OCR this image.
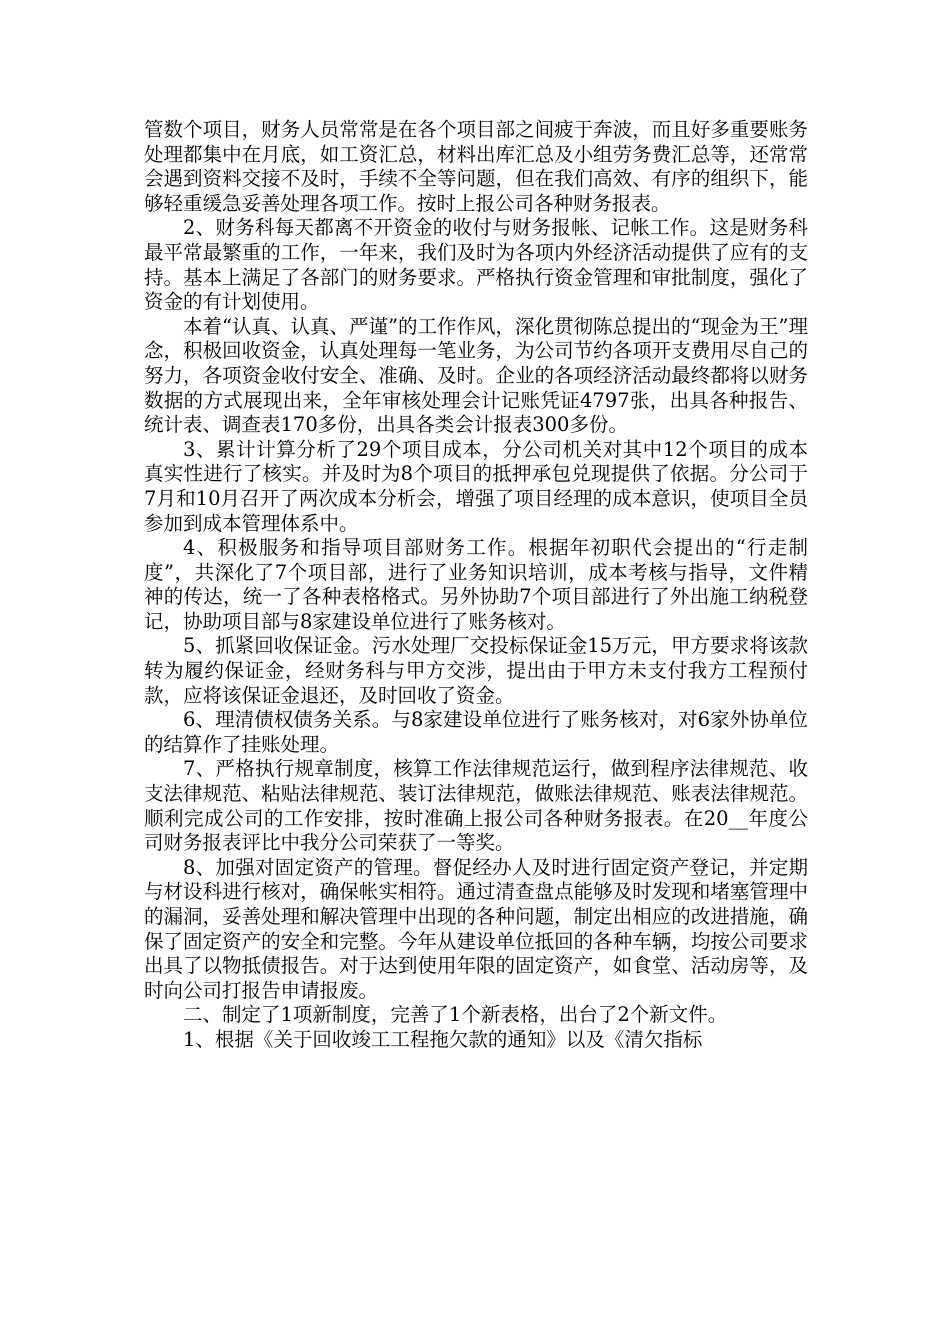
管数个项目，财务人员常常是在各个项目部之间疲于奔波，而且好多重要账务处理都集中在月底，如工资汇总，材料出库汇总及小组劳务费汇总等，还常常会遇到资料交接不及时，手续不全等问题，但在我们高效、有序的组织下，能够轻重缓急妥善处理各项工作。按时上报公司各种财务报表。

2、财务科每天都离不开资金的收付与财务报帐、记帐工作。这是财务科最平常最繁重的工作，一年来，我们及时为各项内外经济活动提供了应有的支持。基本上满足了各部门的财务要求。严格执行资金管理和审批制度，强化了资金的有计划使用。

本着“认真、认真、严谨”的工作作风，深化贯彻陈总提出的“现金为王”理念，积极回收资金，认真处理每一笔业务，为公司节约各项开支费用尽自己的努力，各项资金收付安全、准确、及时。企业的各项经济活动最终都将以财务数据的方式展现出来，全年审核处理会计记账凭证4797张，出具各种报告、统计表、调查表170多份，出具各类会计报表300多份。

3、累计计算分析了29个项目成本，分公司机关对其中12个项目的成本真实性进行了核实。并及时为8个项目的抵押承包兑现提供了依据。分公司于7月和10月召开了两次成本分析会，增强了项目经理的成本意识，使项目全员参加到成本管理体系中。

4、积极服务和指导项目部财务工作。根据年初职代会提出的“行走制度”，共深化了7个项目部，进行了业务知识培训，成本考核与指导，文件精神的传达，统一了各种表格格式。另外协助7个项目部进行了外出施工纳税登记，协助项目部与8家建设单位进行了账务核对。

5、抓紧回收保证金。污水处理厂交投标保证金15万元，甲方要求将该款转为履约保证金，经财务科与甲方交涉，提出由于甲方未支付我方工程预付款，应将该保证金退还，及时回收了资金。

6、理清债权债务关系。与8家建设单位进行了账务核对，对6家外协单位的结算作了挂账处理。

7、严格执行规章制度，核算工作法律规范运行，做到程序法律规范、收支法律规范、粘贴法律规范、装订法律规范，做账法律规范、账表法律规范。顺利完成公司的工作安排，按时准确上报公司各种财务报表。在20__年度公司财务报表评比中我分公司荣获了一等奖。

8、加强对固定资产的管理。督促经办人及时进行固定资产登记，并定期与材设科进行核对，确保帐实相符。通过清查盘点能够及时发现和堵塞管理中的漏洞，妥善处理和解决管理中出现的各种问题，制定出相应的改进措施，确保了固定资产的安全和完整。今年从建设单位抵回的各种车辆，均按公司要求出具了以物抵债报告。对于达到使用年限的固定资产，如食堂、活动房等，及时向公司打报告申请报废。

二、制定了1项新制度，完善了1个新表格，出台了2个新文件。

1、根据《关于回收竣工工程拖欠款的通知》以及《清欠指标
